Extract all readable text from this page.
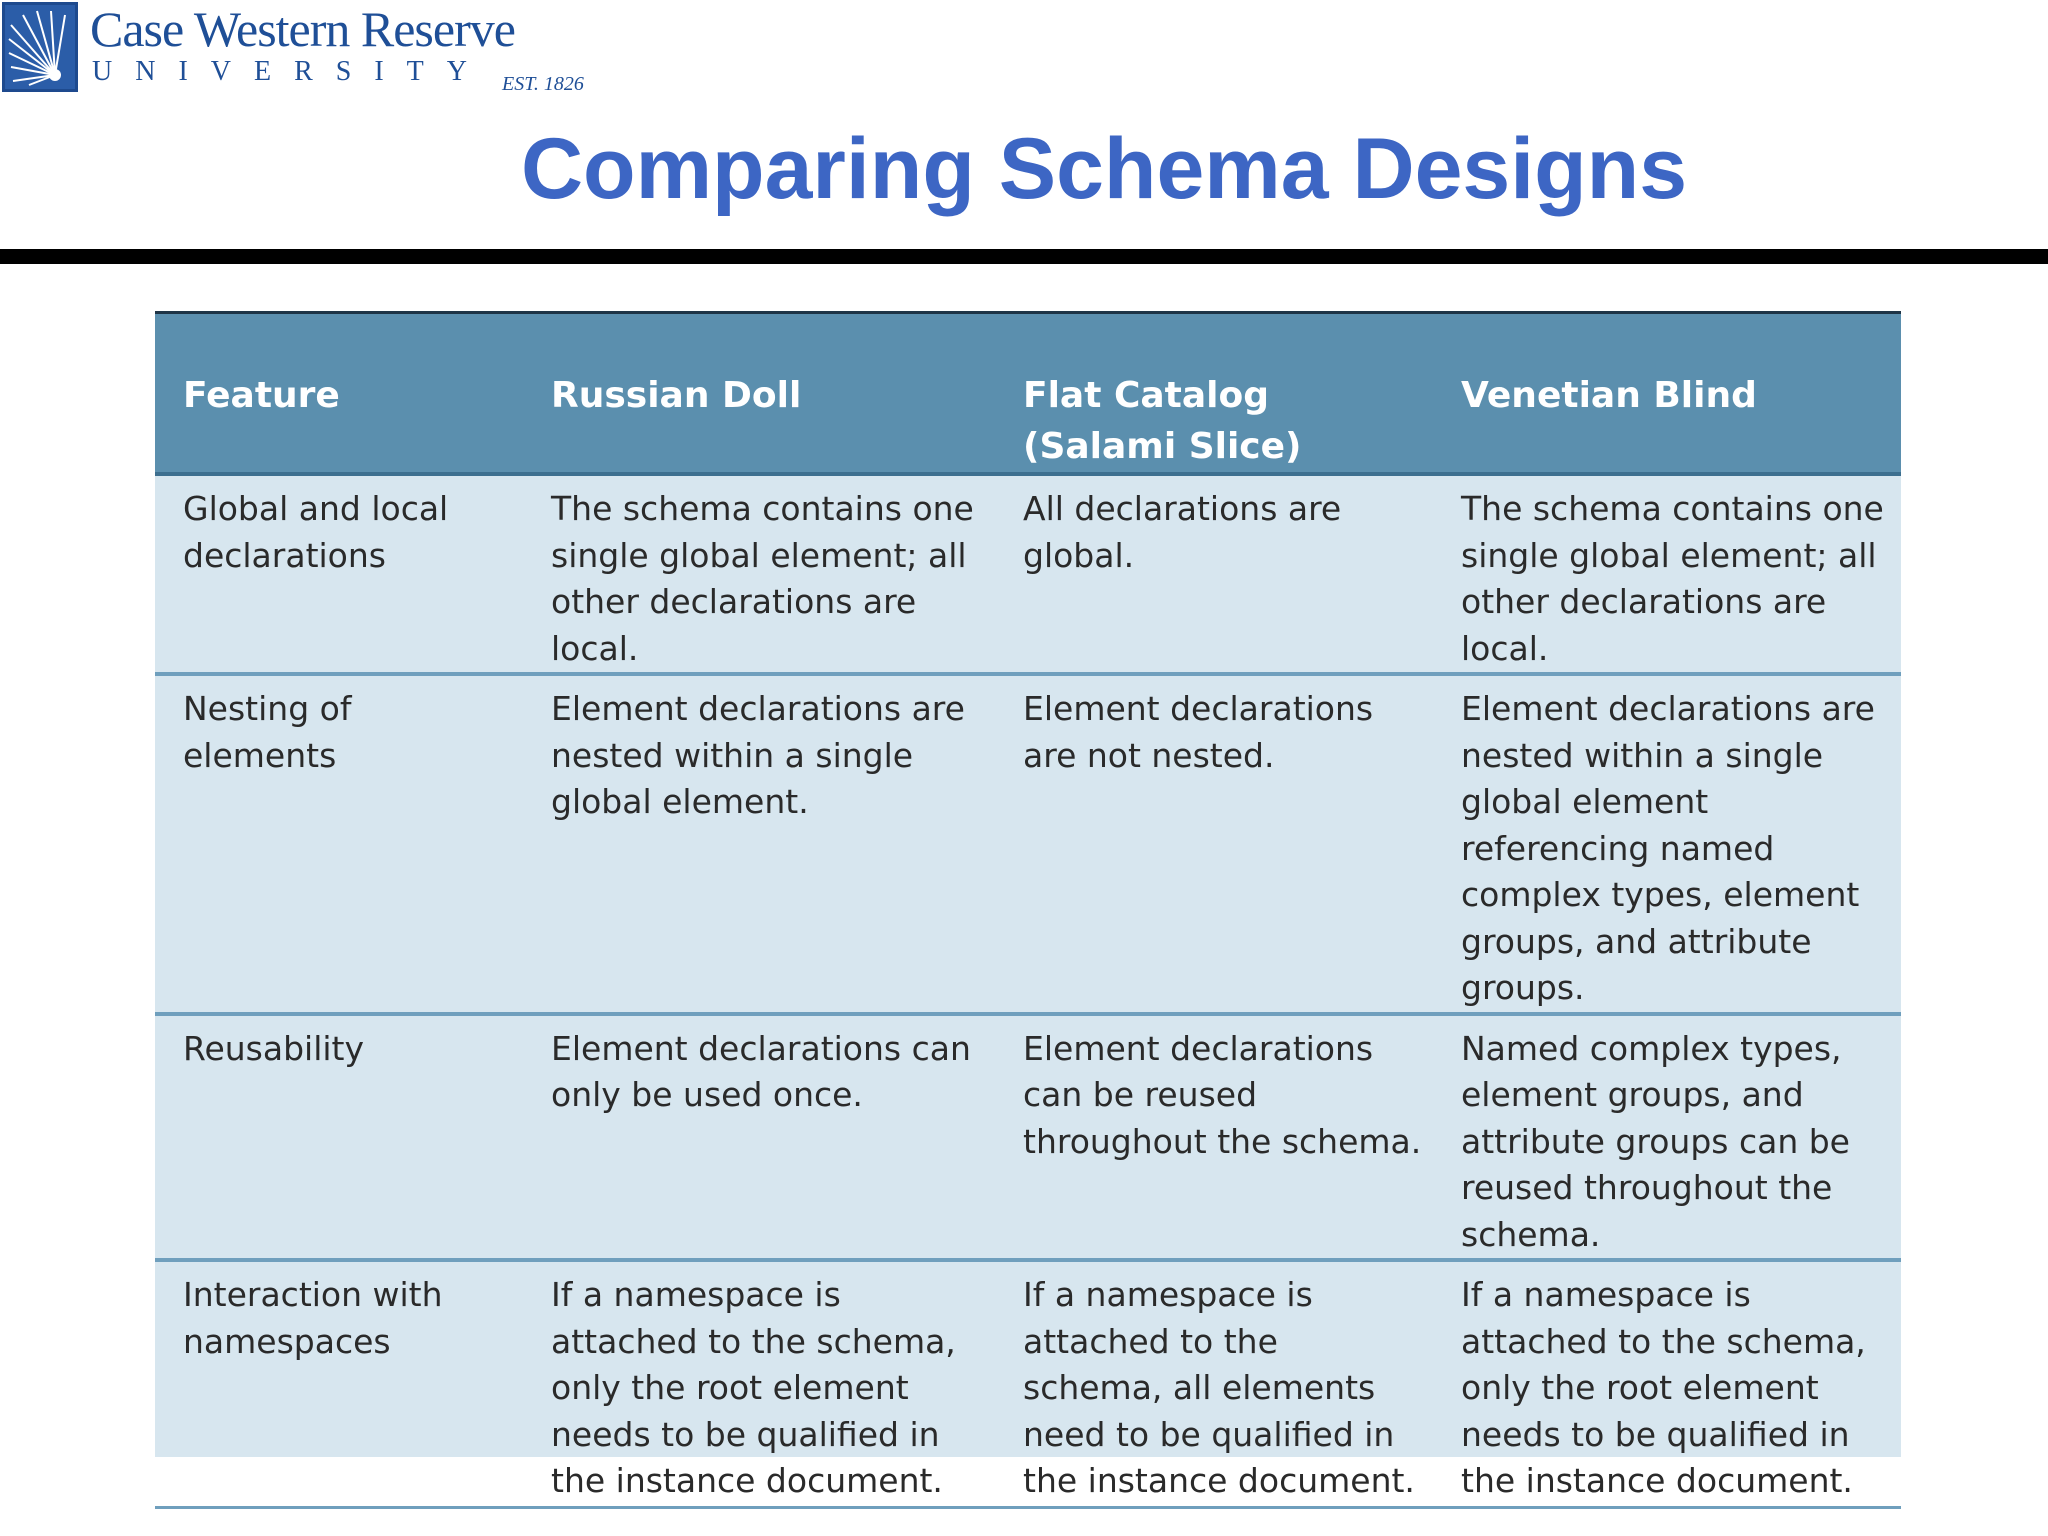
Case Western Reserve
UNIVERSITY EST. 1826
Comparing Schema Designs
Feature	Russian Doll	Flat Catalog (Salami Slice)	Venetian Blind
Global and local declarations	The schema contains one single global element; all other declarations are local.	All declarations are global.	The schema contains one single global element; all other declarations are local.
Nesting of elements	Element declarations are nested within a single global element.	Element declarations are not nested.	Element declarations are nested within a single global element referencing named complex types, element groups, and attribute groups.
Reusability	Element declarations can only be used once.	Element declarations can be reused throughout the schema.	Named complex types, element groups, and attribute groups can be reused throughout the schema.
Interaction with namespaces	If a namespace is attached to the schema, only the root element needs to be qualified in the instance document.	If a namespace is attached to the schema, all elements need to be qualified in the instance document.	If a namespace is attached to the schema, only the root element needs to be qualified in the instance document.
